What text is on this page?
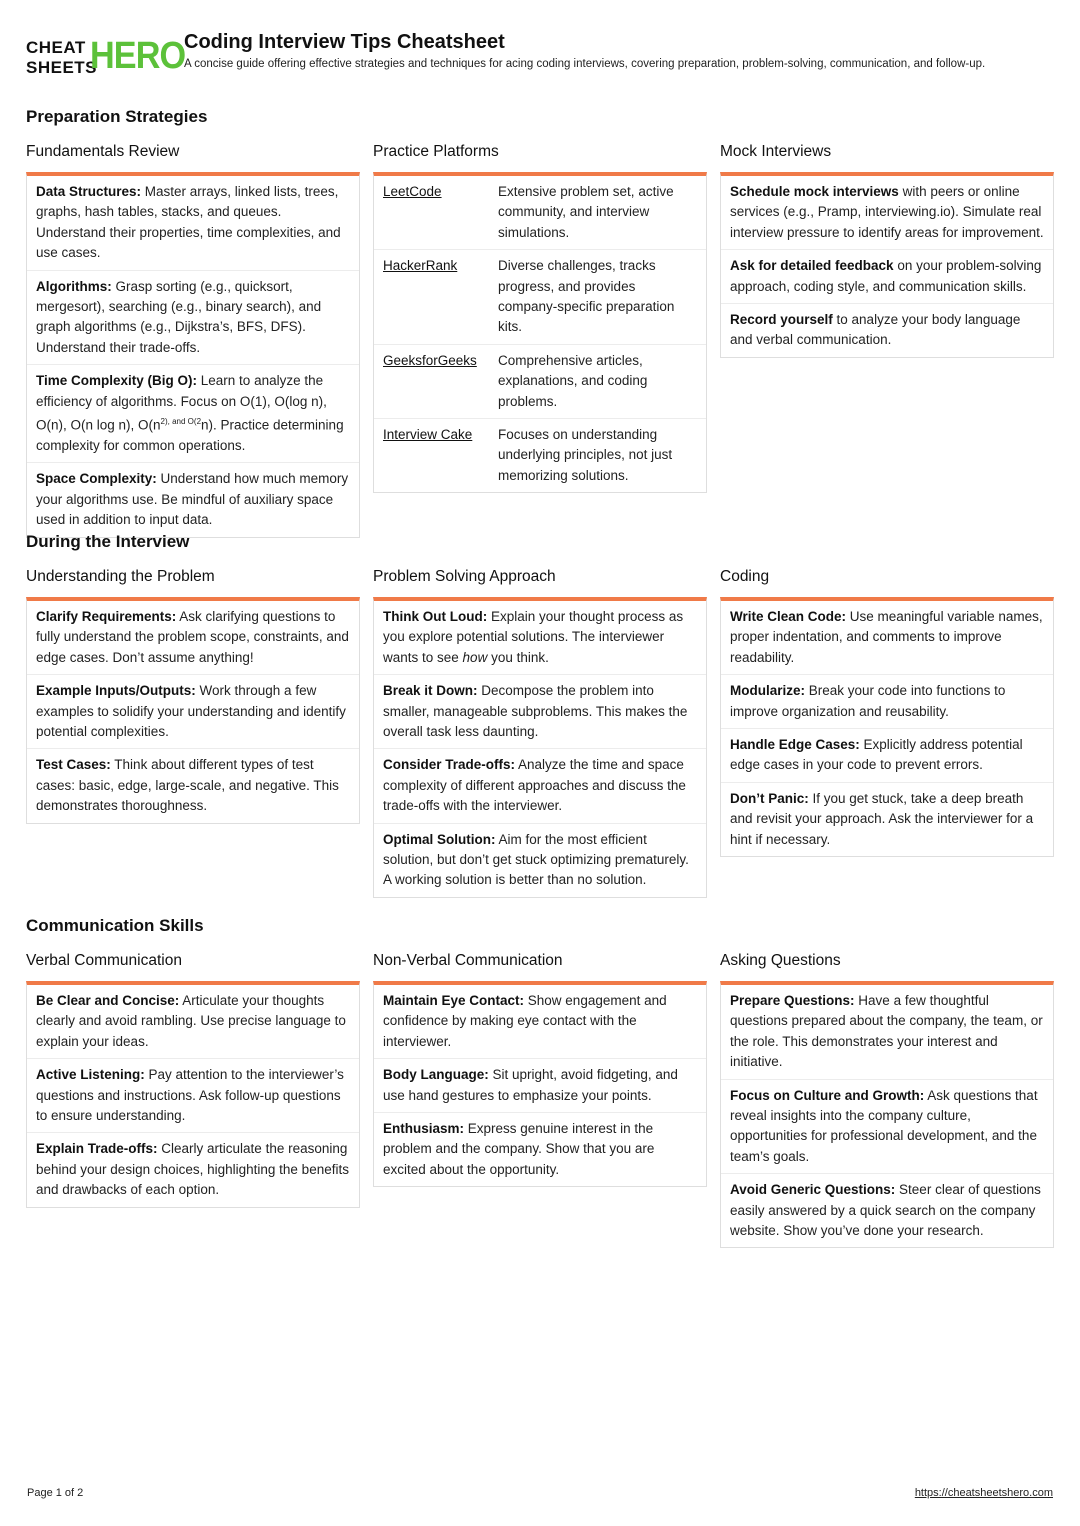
CHEAT
SHEETS
HERO
Coding Interview Tips Cheatsheet
A concise guide offering effective strategies and techniques for acing coding interviews, covering preparation, problem-solving, communication, and follow-up.
Preparation Strategies
Fundamentals Review
Data Structures: Master arrays, linked lists, trees, graphs, hash tables, stacks, and queues. Understand their properties, time complexities, and use cases.
Algorithms: Grasp sorting (e.g., quicksort, mergesort), searching (e.g., binary search), and graph algorithms (e.g., Dijkstra’s, BFS, DFS). Understand their trade-offs.
Time Complexity (Big O): Learn to analyze the efficiency of algorithms. Focus on O(1), O(log n), O(n), O(n log n), $O(n^{2), and O(2}n)$. Practice determining complexity for common operations.
Space Complexity: Understand how much memory your algorithms use. Be mindful of auxiliary space used in addition to input data.
Practice Platforms
LeetCode	Extensive problem set, active community, and interview simulations.
HackerRank	Diverse challenges, tracks progress, and provides company-specific preparation kits.
GeeksforGeeks	Comprehensive articles, explanations, and coding problems.
Interview Cake	Focuses on understanding underlying principles, not just memorizing solutions.
Mock Interviews
Schedule mock interviews with peers or online services (e.g., Pramp, interviewing.io). Simulate real interview pressure to identify areas for improvement.
Ask for detailed feedback on your problem-solving approach, coding style, and communication skills.
Record yourself to analyze your body language and verbal communication.
During the Interview
Understanding the Problem
Clarify Requirements: Ask clarifying questions to fully understand the problem scope, constraints, and edge cases. Don’t assume anything!
Example Inputs/Outputs: Work through a few examples to solidify your understanding and identify potential complexities.
Test Cases: Think about different types of test cases: basic, edge, large-scale, and negative. This demonstrates thoroughness.
Problem Solving Approach
Think Out Loud: Explain your thought process as you explore potential solutions. The interviewer wants to see how you think.
Break it Down: Decompose the problem into smaller, manageable subproblems. This makes the overall task less daunting.
Consider Trade-offs: Analyze the time and space complexity of different approaches and discuss the trade-offs with the interviewer.
Optimal Solution: Aim for the most efficient solution, but don’t get stuck optimizing prematurely. A working solution is better than no solution.
Coding
Write Clean Code: Use meaningful variable names, proper indentation, and comments to improve readability.
Modularize: Break your code into functions to improve organization and reusability.
Handle Edge Cases: Explicitly address potential edge cases in your code to prevent errors.
Don’t Panic: If you get stuck, take a deep breath and revisit your approach. Ask the interviewer for a hint if necessary.
Communication Skills
Verbal Communication
Be Clear and Concise: Articulate your thoughts clearly and avoid rambling. Use precise language to explain your ideas.
Active Listening: Pay attention to the interviewer’s questions and instructions. Ask follow-up questions to ensure understanding.
Explain Trade-offs: Clearly articulate the reasoning behind your design choices, highlighting the benefits and drawbacks of each option.
Non-Verbal Communication
Maintain Eye Contact: Show engagement and confidence by making eye contact with the interviewer.
Body Language: Sit upright, avoid fidgeting, and use hand gestures to emphasize your points.
Enthusiasm: Express genuine interest in the problem and the company. Show that you are excited about the opportunity.
Asking Questions
Prepare Questions: Have a few thoughtful questions prepared about the company, the team, or the role. This demonstrates your interest and initiative.
Focus on Culture and Growth: Ask questions that reveal insights into the company culture, opportunities for professional development, and the team’s goals.
Avoid Generic Questions: Steer clear of questions easily answered by a quick search on the company website. Show you’ve done your research.
Page 1 of 2	https://cheatsheetshero.com
